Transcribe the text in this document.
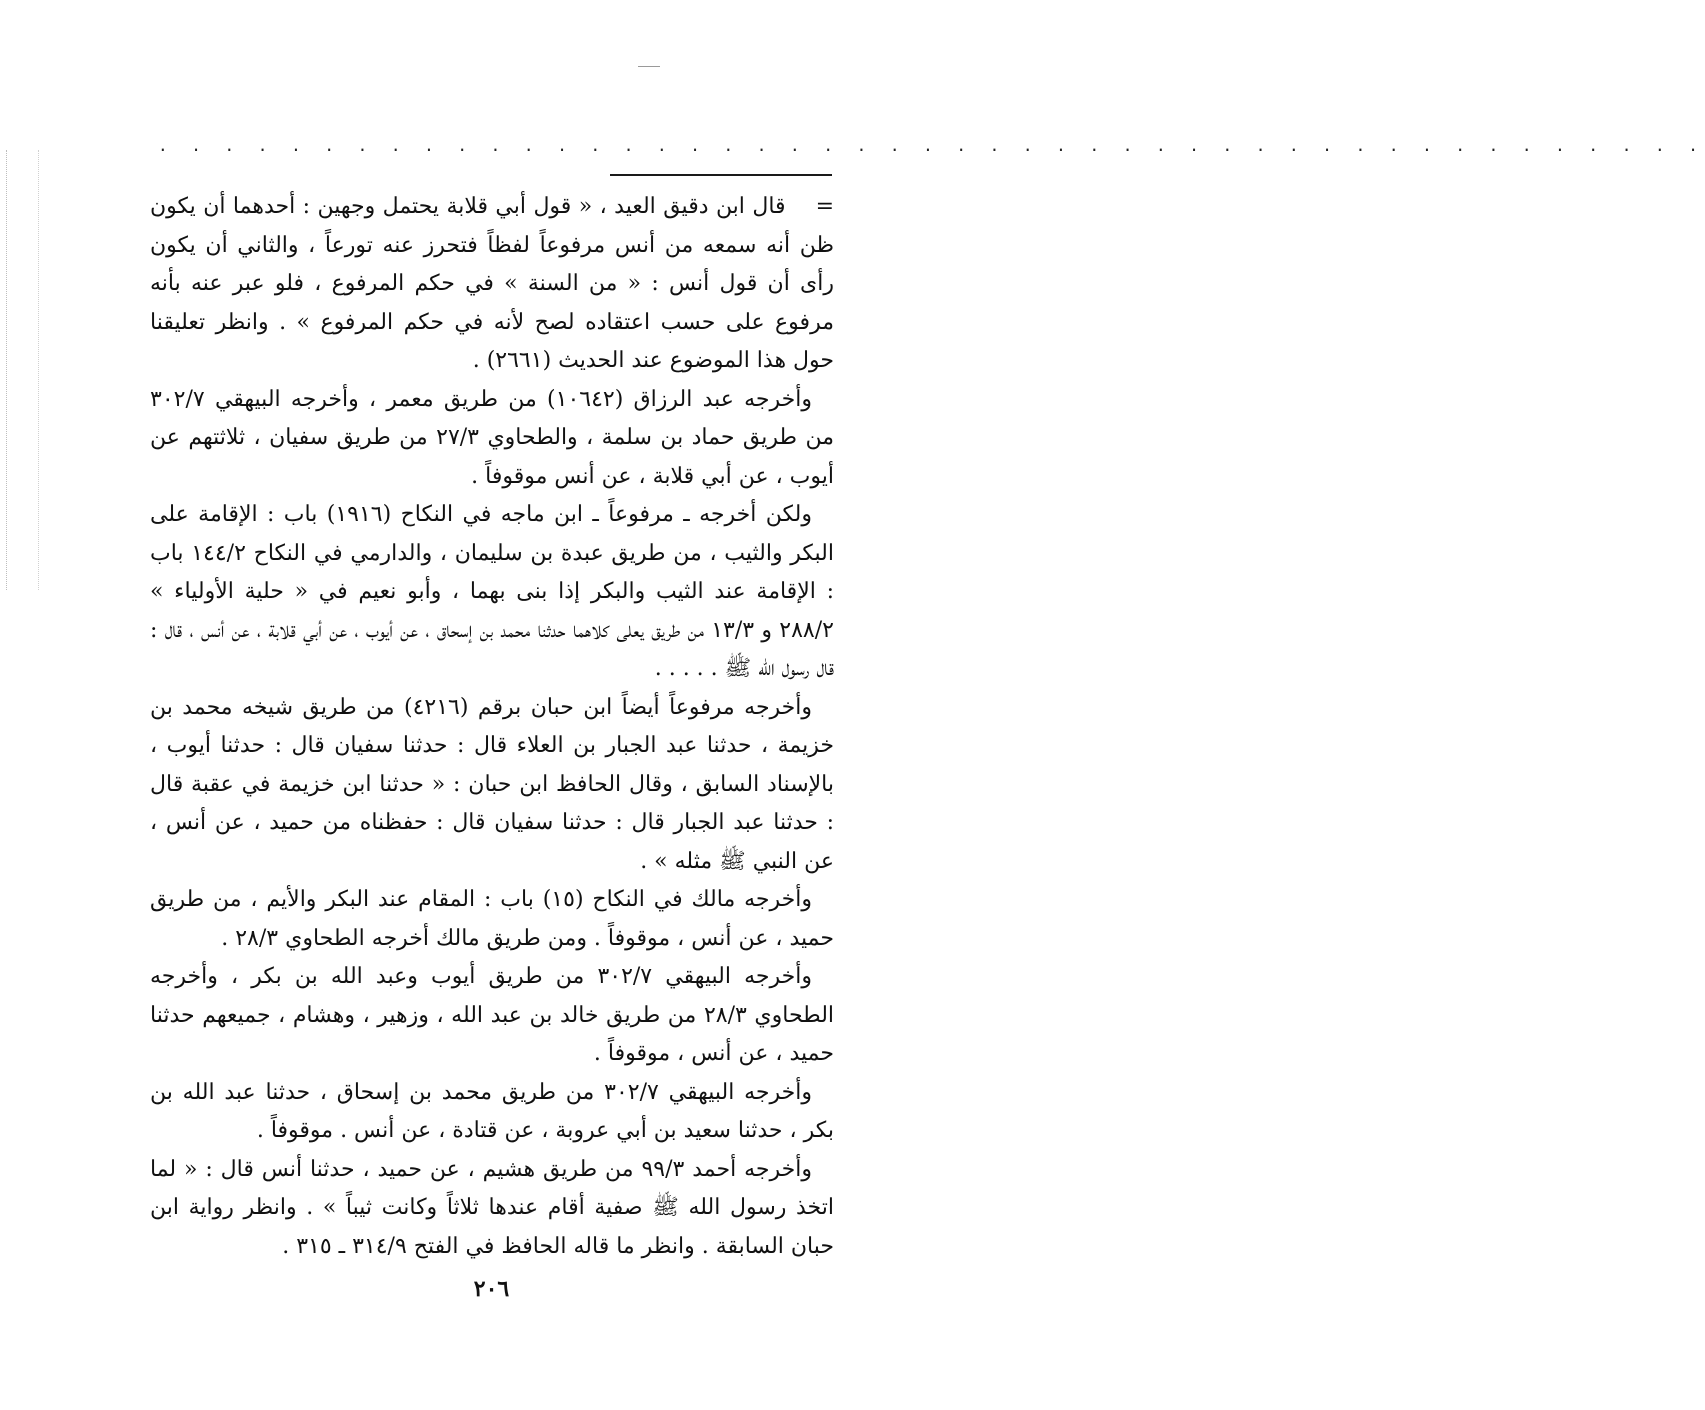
. . . . . . . . . . . . . . . . . . . . . . . . . . . . . . . . . . . . . . . . . . . . . . .

=قال ابن دقيق العيد ، « قول أبي قلابة يحتمل وجهين : أحدهما أن يكون ظن أنه سمعه من أنس مرفوعاً لفظاً فتحرز عنه تورعاً ، والثاني أن يكون رأى أن قول أنس : « من السنة » في حكم المرفوع ، فلو عبر عنه بأنه مرفوع على حسب اعتقاده لصح لأنه في حكم المرفوع » . وانظر تعليقنا حول هذا الموضوع عند الحديث (٢٦٦١) .

وأخرجه عبد الرزاق (١٠٦٤٢) من طريق معمر ، وأخرجه البيهقي ٣٠٢/٧ من طريق حماد بن سلمة ، والطحاوي ٢٧/٣ من طريق سفيان ، ثلاثتهم عن أيوب ، عن أبي قلابة ، عن أنس موقوفاً .

ولكن أخرجه ـ مرفوعاً ـ ابن ماجه في النكاح (١٩١٦) باب : الإقامة على البكر والثيب ، من طريق عبدة بن سليمان ، والدارمي في النكاح ١٤٤/٢ باب : الإقامة عند الثيب والبكر إذا بنى بهما ، وأبو نعيم في « حلية الأولياء » ٢٨٨/٢ و ١٣/٣ من طريق يعلى كلاهما حدثنا محمد بن إسحاق ، عن أيوب ، عن أبي قلابة ، عن أنس ، قال : قال رسول الله ﷺ . . . . .

وأخرجه مرفوعاً أيضاً ابن حبان برقم (٤٢١٦) من طريق شيخه محمد بن خزيمة ، حدثنا عبد الجبار بن العلاء قال : حدثنا سفيان قال : حدثنا أيوب ، بالإسناد السابق ، وقال الحافظ ابن حبان : « حدثنا ابن خزيمة في عقبة قال : حدثنا عبد الجبار قال : حدثنا سفيان قال : حفظناه من حميد ، عن أنس ، عن النبي ﷺ مثله » .

وأخرجه مالك في النكاح (١٥) باب : المقام عند البكر والأيم ، من طريق حميد ، عن أنس ، موقوفاً . ومن طريق مالك أخرجه الطحاوي ٢٨/٣ .

وأخرجه البيهقي ٣٠٢/٧ من طريق أيوب وعبد الله بن بكر ، وأخرجه الطحاوي ٢٨/٣ من طريق خالد بن عبد الله ، وزهير ، وهشام ، جميعهم حدثنا حميد ، عن أنس ، موقوفاً .

وأخرجه البيهقي ٣٠٢/٧ من طريق محمد بن إسحاق ، حدثنا عبد الله بن بكر ، حدثنا سعيد بن أبي عروبة ، عن قتادة ، عن أنس . موقوفاً .

وأخرجه أحمد ٩٩/٣ من طريق هشيم ، عن حميد ، حدثنا أنس قال : « لما اتخذ رسول الله ﷺ صفية أقام عندها ثلاثاً وكانت ثيباً » . وانظر رواية ابن حبان السابقة . وانظر ما قاله الحافظ في الفتح ٣١٤/٩ ـ ٣١٥ .

٢٠٦
